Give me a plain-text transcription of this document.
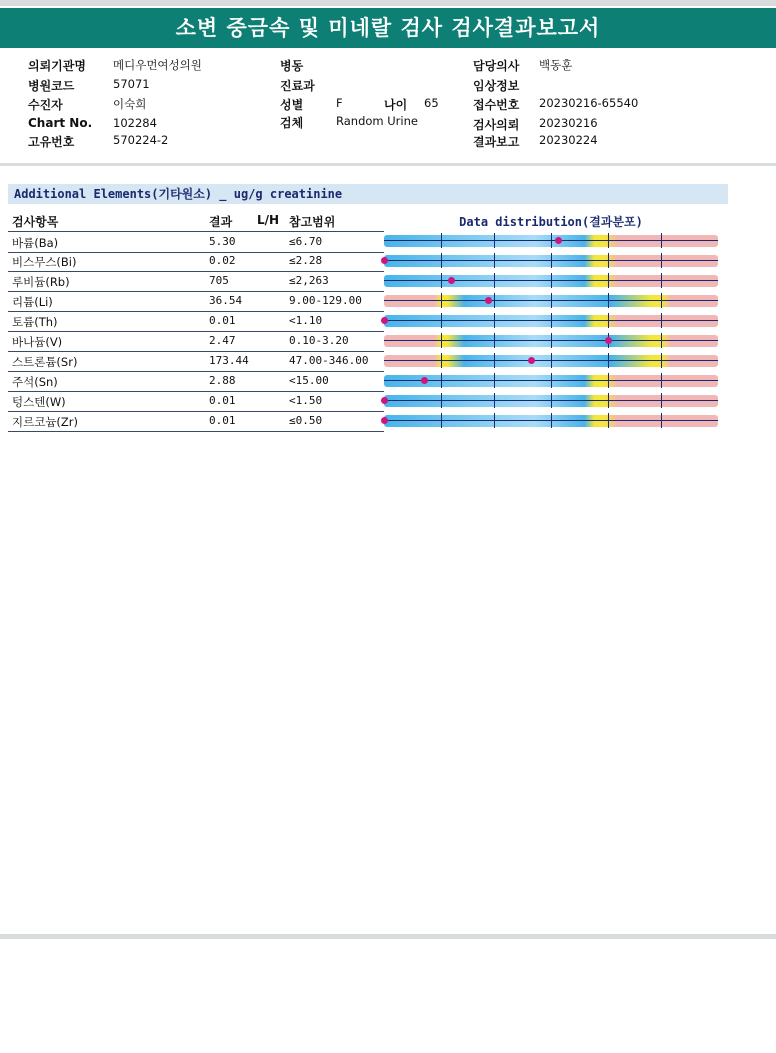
소변 중금속 및 미네랄 검사 검사결과보고서
의뢰기관명 메디우먼여성의원
병원코드	57071
수진자	이숙희
Chart No. 102284
고유번호	570224-2
병동
진료과
성별	F	나이 65
검체	Random Urine
담당의사 백동훈
임상정보
접수번호 20230216-65540
검사의뢰 20230216
결과보고 20230224
Additional Elements(기타원소) _ ug/g creatinine
검사항목	결과 L/H 참고범위	Data distribution(결과분포)
바륨(Ba)	5.30	≤6.70
비스무스(Bi)	0.02	≤2.28
루비듐(Rb)	705	≤2,263
리튬(Li)	36.54	9.00-129.00
토륨(Th)	0.01	<1.10
바나듐(V)	2.47	0.10-3.20
스트론튬(Sr)	173.44	47.00-346.00
주석(Sn)	2.88	<15.00
텅스텐(W)	0.01	<1.50
지르코늄(Zr)	0.01	≤0.50
